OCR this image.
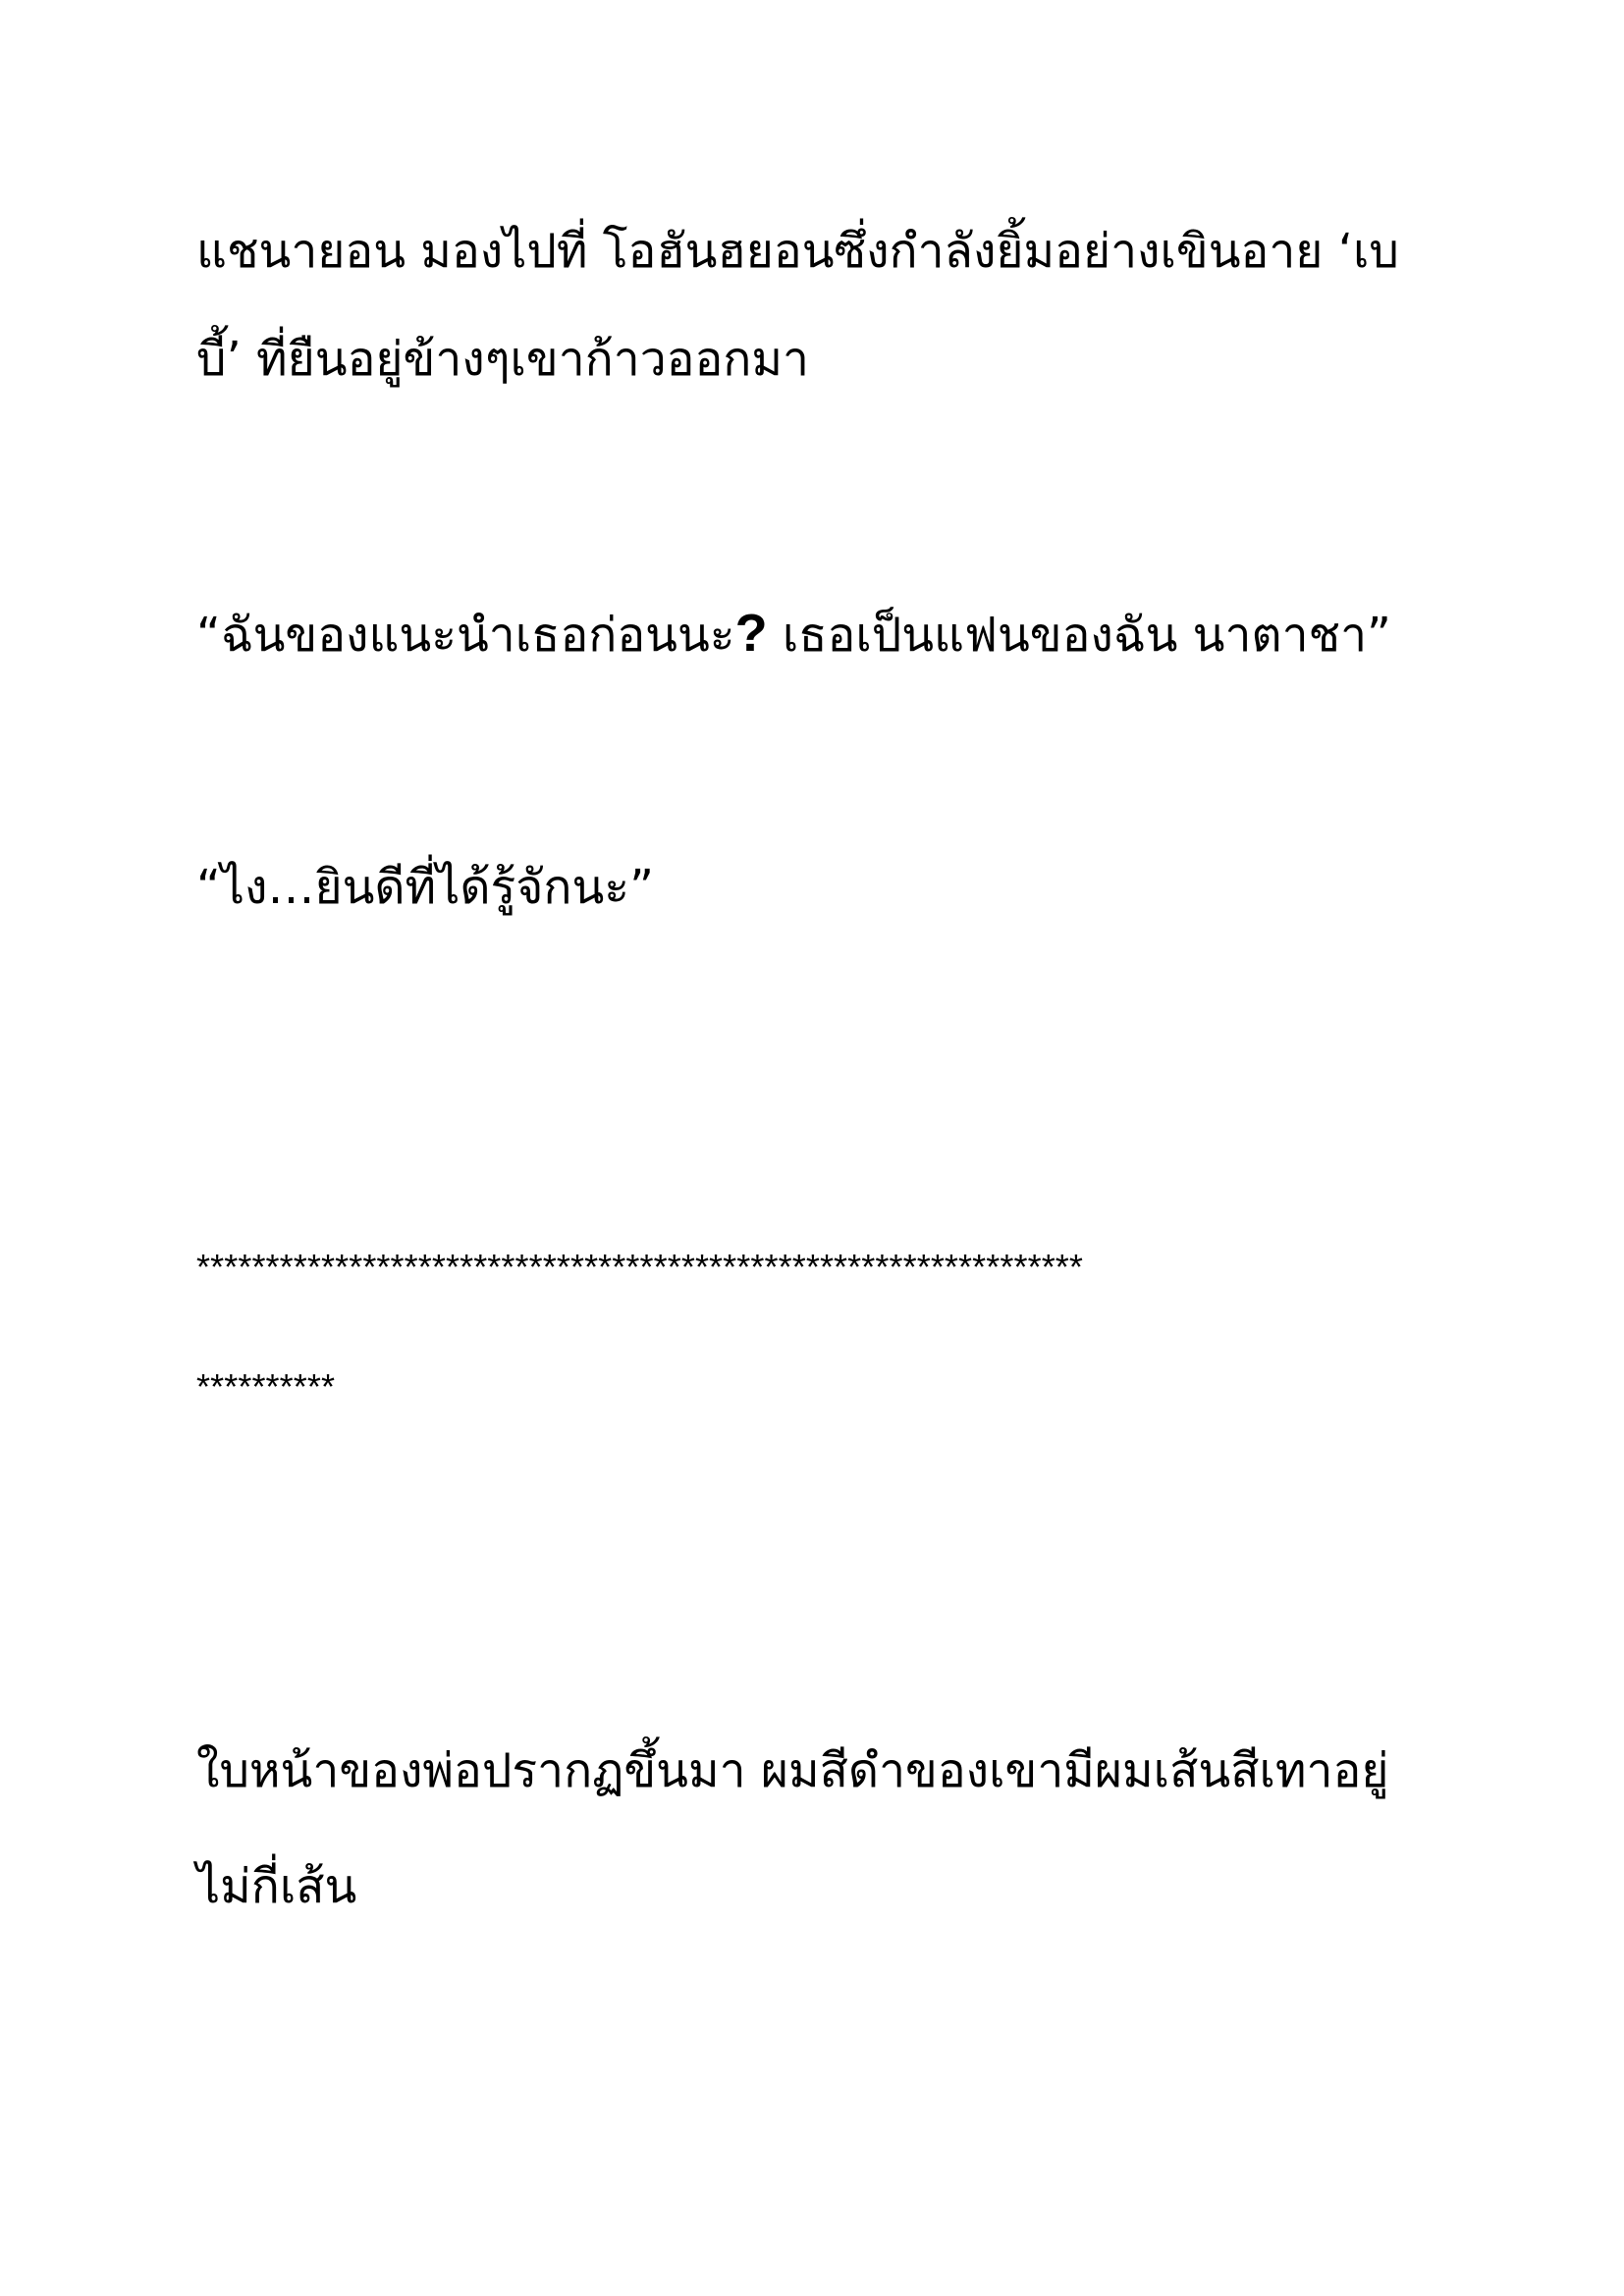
แชนายอน มองไปที่ โอฮันฮยอนซึ่งกำลังยิ้มอย่างเขินอาย ‘เบ
บี้’ ที่ยืนอยู่ข้างๆเขาก้าวออกมา
“ฉันของแนะนำเธอก่อนนะ? เธอเป็นแฟนของฉัน นาตาชา”
“ไง…ยินดีที่ได้รู้จักนะ”
****************************************************************
**********
ใบหน้าของพ่อปรากฏขึ้นมา ผมสีดำของเขามีผมเส้นสีเทาอยู่
ไม่กี่เส้น
